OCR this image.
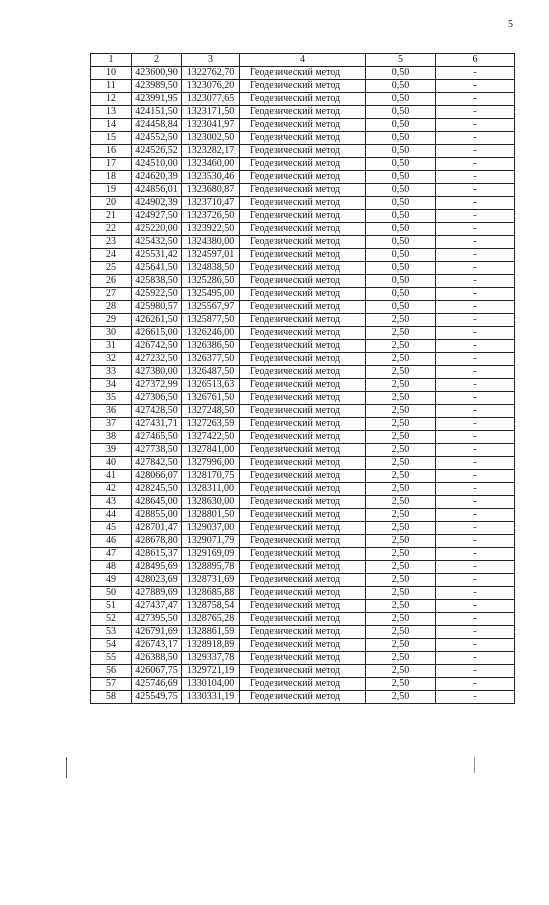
5
1	2	3	4	5	6
10	423600,90	1322762,70	Геодезический метод	0,50	-
11	423989,50	1323076,20	Геодезический метод	0,50	-
12	423991,95	1323077,65	Геодезический метод	0,50	-
13	424151,50	1323171,50	Геодезический метод	0,50	-
14	424458,84	1323041,97	Геодезический метод	0,50	-
15	424552,50	1323002,50	Геодезический метод	0,50	-
16	424526,52	1323282,17	Геодезический метод	0,50	-
17	424510,00	1323460,00	Геодезический метод	0,50	-
18	424620,39	1323530,46	Геодезический метод	0,50	-
19	424856,01	1323680,87	Геодезический метод	0,50	-
20	424902,39	1323710,47	Геодезический метод	0,50	-
21	424927,50	1323726,50	Геодезический метод	0,50	-
22	425220,00	1323922,50	Геодезический метод	0,50	-
23	425432,50	1324380,00	Геодезический метод	0,50	-
24	425531,42	1324597,01	Геодезический метод	0,50	-
25	425641,50	1324838,50	Геодезический метод	0,50	-
26	425838,50	1325286,50	Геодезический метод	0,50	-
27	425922,50	1325495,00	Геодезический метод	0,50	-
28	425980,57	1325567,97	Геодезический метод	0,50	-
29	426261,50	1325877,50	Геодезический метод	2,50	-
30	426615,00	1326246,00	Геодезический метод	2,50	-
31	426742,50	1326386,50	Геодезический метод	2,50	-
32	427232,50	1326377,50	Геодезический метод	2,50	-
33	427380,00	1326487,50	Геодезический метод	2,50	-
34	427372,99	1326513,63	Геодезический метод	2,50	-
35	427306,50	1326761,50	Геодезический метод	2,50	-
36	427428,50	1327248,50	Геодезический метод	2,50	-
37	427431,71	1327263,59	Геодезический метод	2,50	-
38	427465,50	1327422,50	Геодезический метод	2,50	-
39	427738,50	1327841,00	Геодезический метод	2,50	-
40	427842,50	1327996,00	Геодезический метод	2,50	-
41	428066,07	1328170,75	Геодезический метод	2,50	-
42	428245,50	1328311,00	Геодезический метод	2,50	-
43	428645,00	1328630,00	Геодезический метод	2,50	-
44	428855,00	1328801,50	Геодезический метод	2,50	-
45	428701,47	1329037,00	Геодезический метод	2,50	-
46	428678,80	1329071,79	Геодезический метод	2,50	-
47	428615,37	1329169,09	Геодезический метод	2,50	-
48	428495,69	1328895,78	Геодезический метод	2,50	-
49	428023,69	1328731,69	Геодезический метод	2,50	-
50	427889,69	1328685,88	Геодезический метод	2,50	-
51	427437,47	1328758,54	Геодезический метод	2,50	-
52	427395,50	1328765,28	Геодезический метод	2,50	-
53	426791,69	1328861,59	Геодезический метод	2,50	-
54	426743,17	1328918,89	Геодезический метод	2,50	-
55	426388,50	1329337,78	Геодезический метод	2,50	-
56	426067,75	1329721,19	Геодезический метод	2,50	-
57	425746,69	1330104,00	Геодезический метод	2,50	-
58	425549,75	1330331,19	Геодезический метод	2,50	-
